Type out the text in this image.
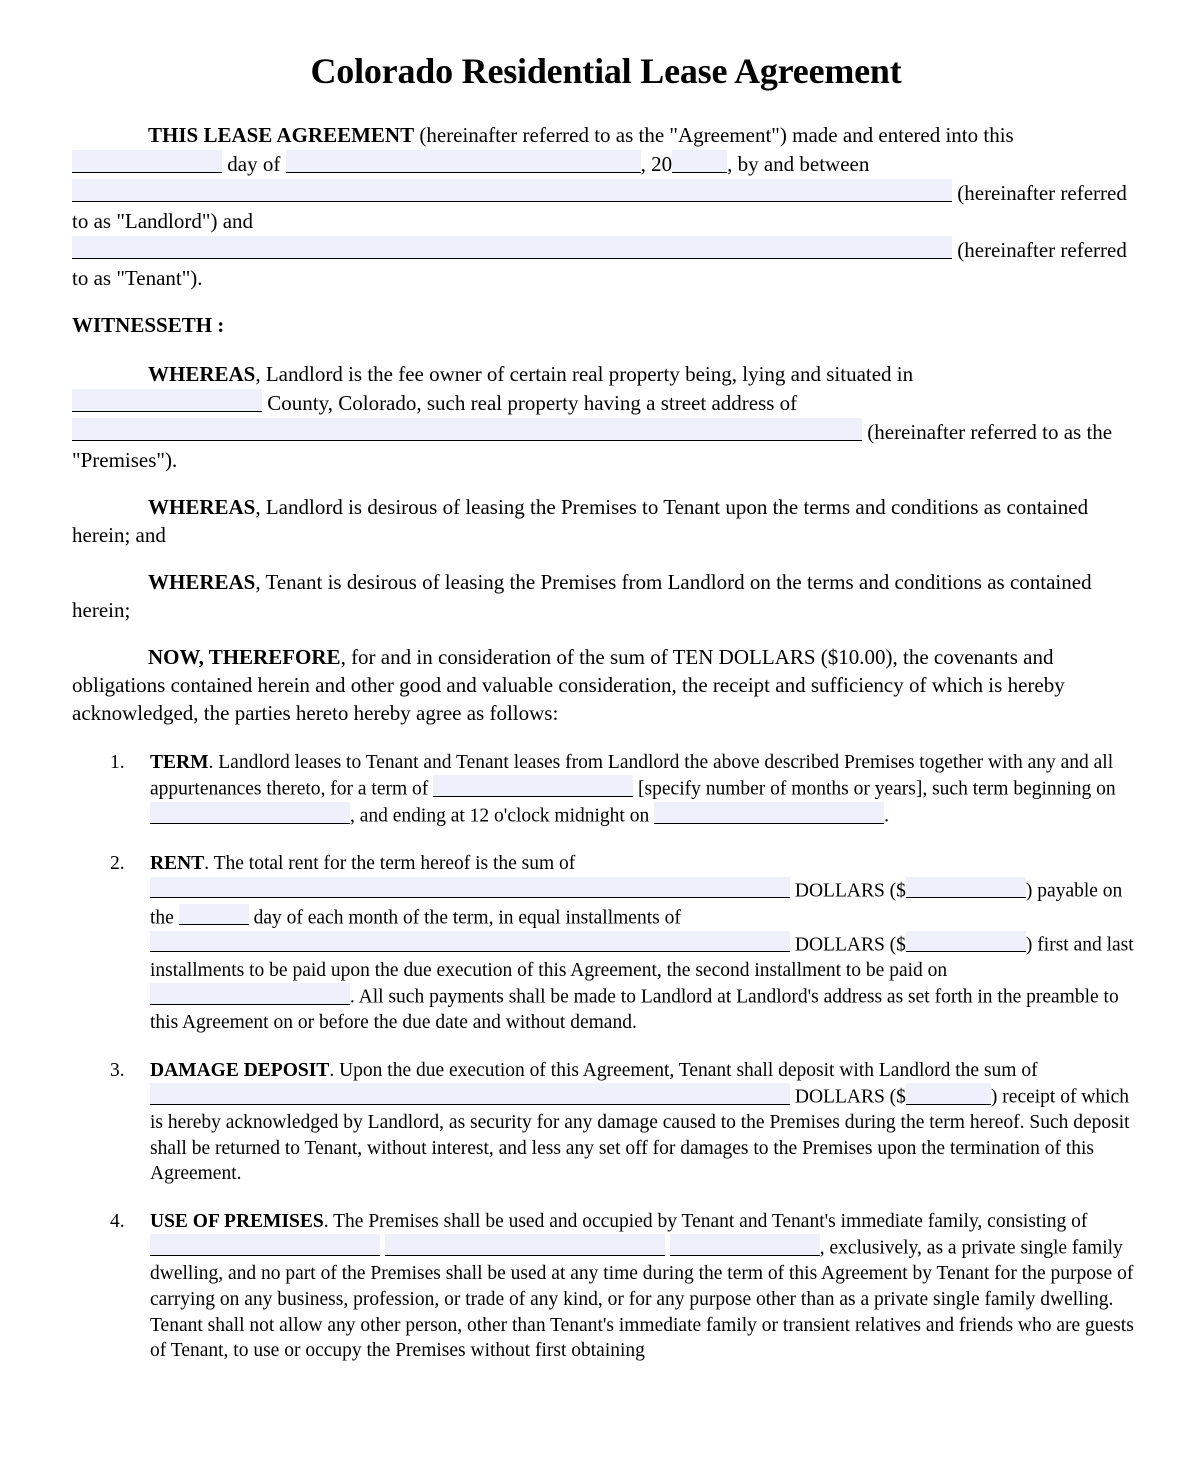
Colorado Residential Lease Agreement
THIS LEASE AGREEMENT (hereinafter referred to as the "Agreement") made and entered into this  day of	, 20	, by and between
(hereinafter referred to as "Landlord") and
(hereinafter referred to as "Tenant").
WITNESSETH :
WHEREAS, Landlord is the fee owner of certain real property being, lying and situated in
County, Colorado, such real property having a street address of
(hereinafter referred to as the "Premises").
WHEREAS, Landlord is desirous of leasing the Premises to Tenant upon the terms and conditions as contained herein; and
WHEREAS, Tenant is desirous of leasing the Premises from Landlord on the terms and conditions as contained herein;
NOW, THEREFORE, for and in consideration of the sum of TEN DOLLARS ($10.00), the covenants and obligations contained herein and other good and valuable consideration, the receipt and sufficiency of which is hereby acknowledged, the parties hereto hereby agree as follows:
TERM. Landlord leases to Tenant and Tenant leases from Landlord the above described Premises together with any and all appurtenances thereto, for a term of	[specify number of months or years], such term beginning on , and ending at 12 o'clock midnight on	.
RENT. The total rent for the term hereof is the sum of
DOLLARS ($	) payable on the	day of each month of the term, in equal installments of
DOLLARS ($	) first and last installments to be paid upon the due execution of this Agreement, the second installment to be paid on
. All such payments shall be made to Landlord at Landlord's address as set forth in the preamble to this Agreement on or before the due date and without demand.
DAMAGE DEPOSIT. Upon the due execution of this Agreement, Tenant shall deposit with Landlord the sum of
DOLLARS ($	) receipt of which is hereby acknowledged by Landlord, as security for any damage caused to the Premises during the term hereof. Such deposit shall be returned to Tenant, without interest, and less any set off for damages to the Premises upon the termination of this Agreement.
USE OF PREMISES. The Premises shall be used and occupied by Tenant and Tenant's immediate family, consisting of   , exclusively, as a private single family dwelling, and no part of the Premises shall be used at any time during the term of this Agreement by Tenant for the purpose of carrying on any business, profession, or trade of any kind, or for any purpose other than as a private single family dwelling. Tenant shall not allow any other person, other than Tenant's immediate family or transient relatives and friends who are guests of Tenant, to use or occupy the Premises without first obtaining
